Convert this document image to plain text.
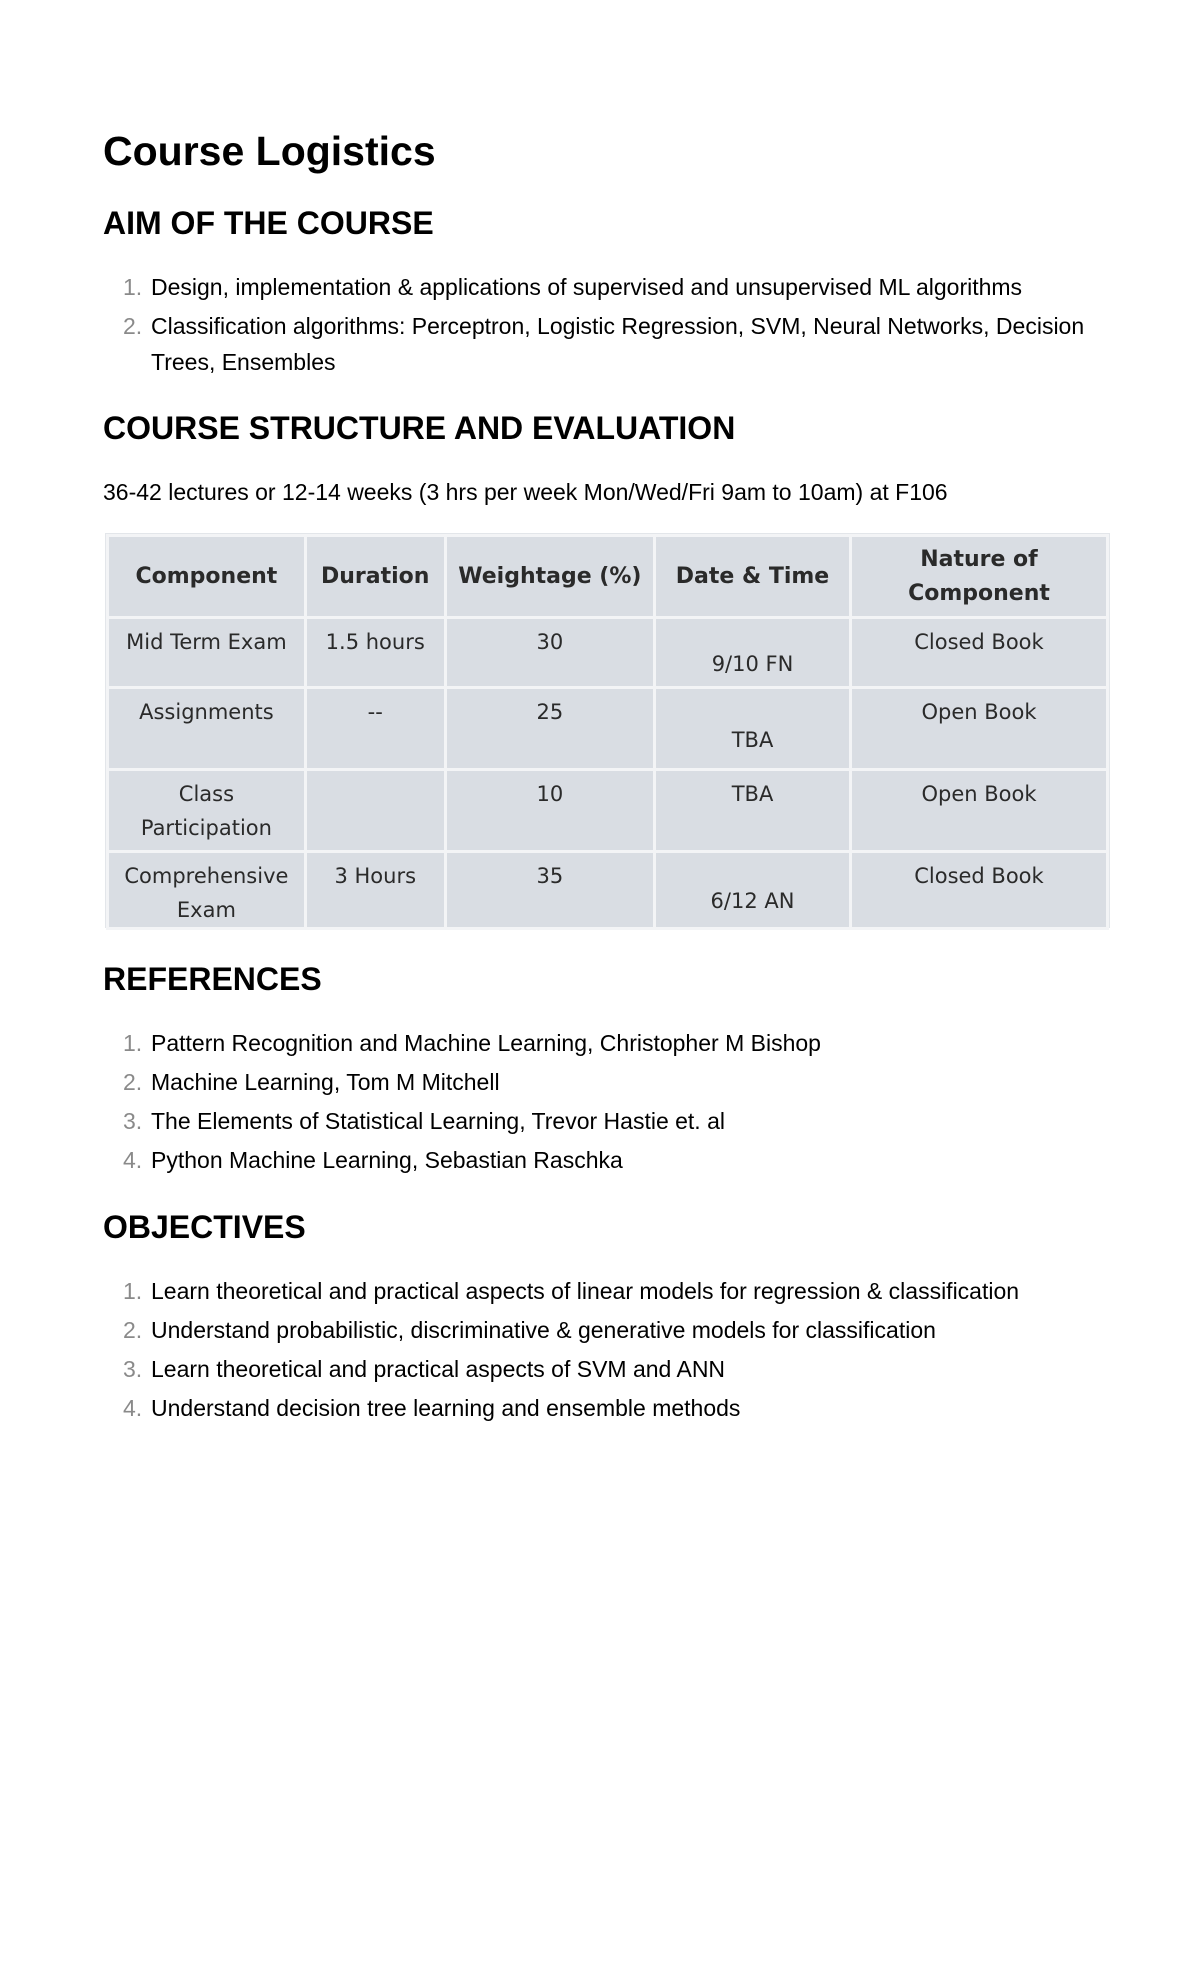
Course Logistics
AIM OF THE COURSE
1. Design, implementation & applications of supervised and unsupervised ML algorithms
2. Classification algorithms: Perceptron, Logistic Regression, SVM, Neural Networks, Decision Trees, Ensembles
COURSE STRUCTURE AND EVALUATION

36-42 lectures or 12-14 weeks (3 hrs per week Mon/Wed/Fri 9am to 10am) at F106

Component	Duration	Weightage (%)	Date & Time	Nature of Component
Mid Term Exam	1.5 hours	30	9/10 FN	Closed Book
Assignments	--	25	TBA	Open Book
Class Participation		10	TBA	Open Book
Comprehensive Exam	3 Hours	35	6/12 AN	Closed Book
REFERENCES
1. Pattern Recognition and Machine Learning, Christopher M Bishop
2. Machine Learning, Tom M Mitchell
3. The Elements of Statistical Learning, Trevor Hastie et. al
4. Python Machine Learning, Sebastian Raschka
OBJECTIVES
1. Learn theoretical and practical aspects of linear models for regression & classification
2. Understand probabilistic, discriminative & generative models for classification
3. Learn theoretical and practical aspects of SVM and ANN
4. Understand decision tree learning and ensemble methods
